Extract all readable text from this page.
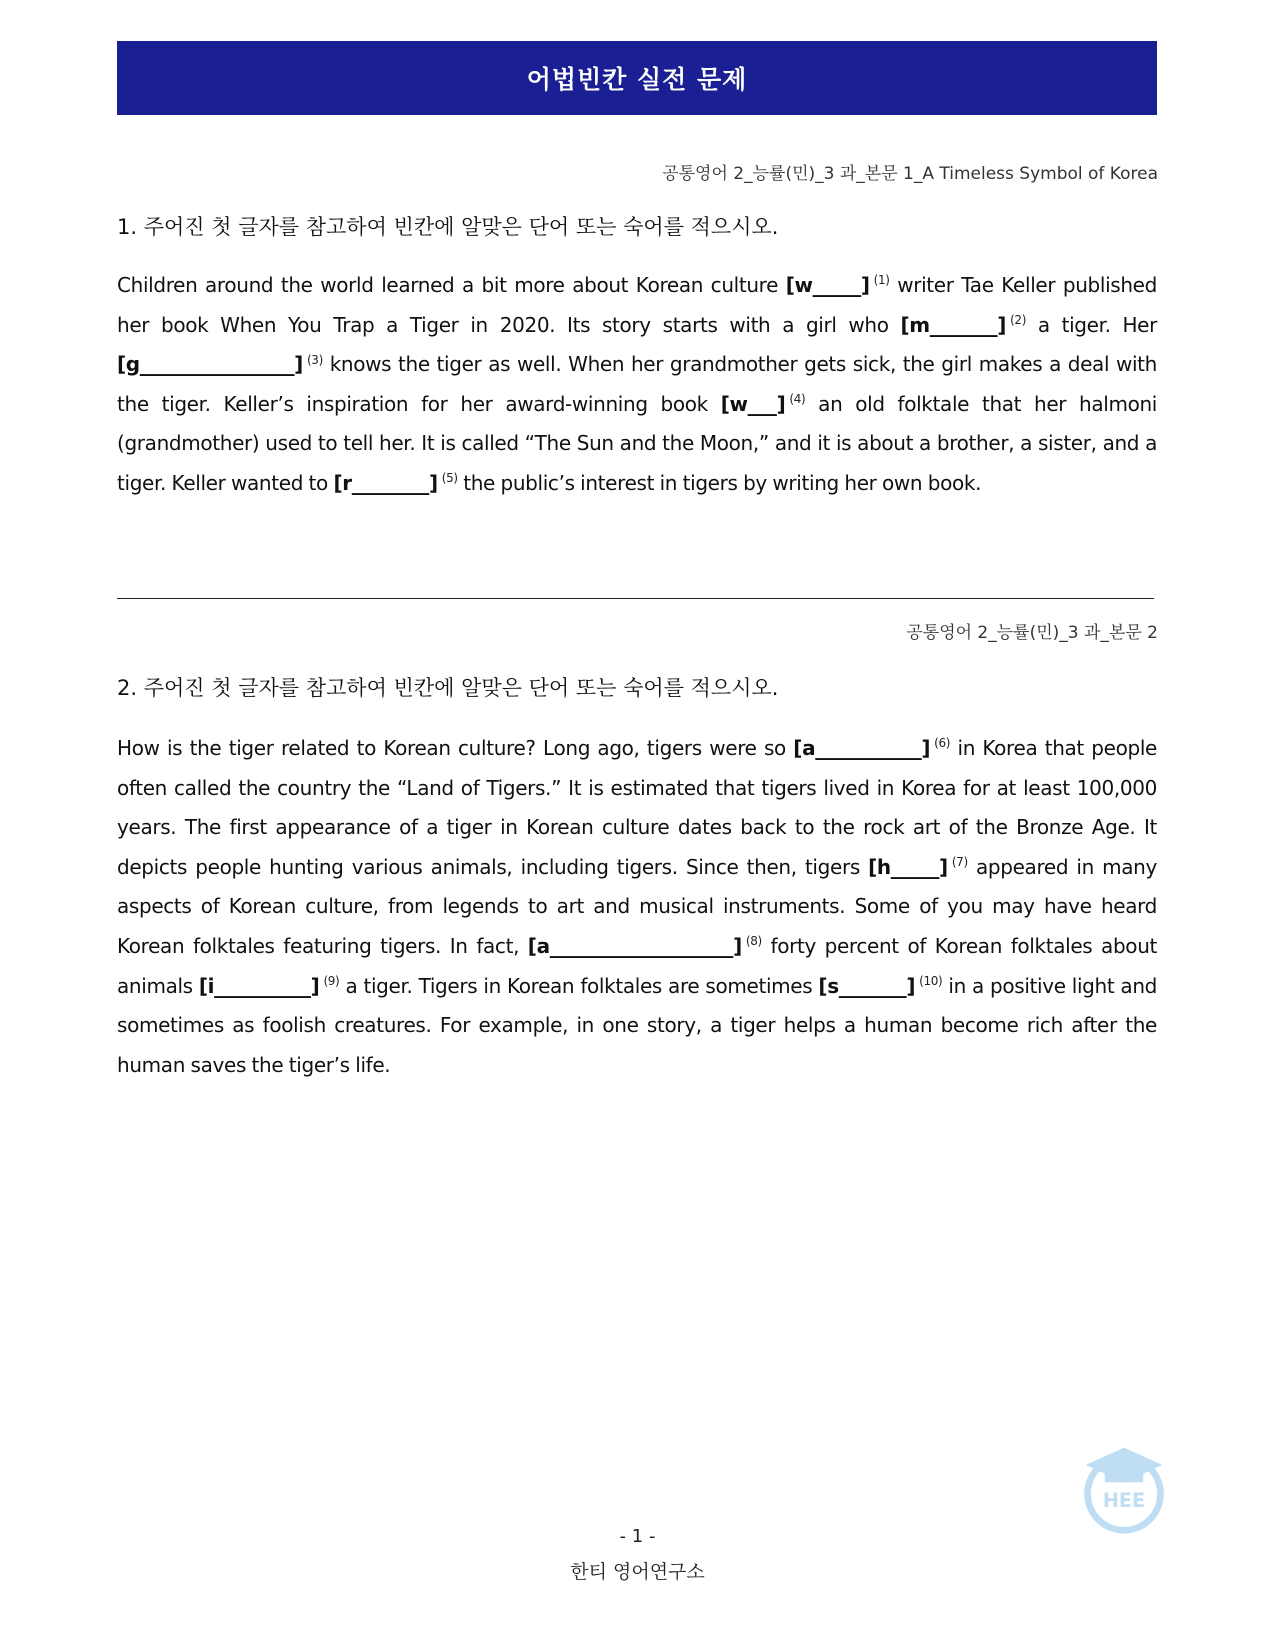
어법빈칸 실전 문제
공통영어 2_능률(민)_3 과_본문 1_A Timeless Symbol of Korea
1. 주어진 첫 글자를 참고하여 빈칸에 알맞은 단어 또는 숙어를 적으시오.
Children around the world learned a bit more about Korean culture [w_____] $^{(1)}$ writer Tae Keller published her book When You Trap a Tiger in 2020. Its story starts with a girl who [m_______] $^{(2)}$ a tiger. Her [g________________] $^{(3)}$ knows the tiger as well. When her grandmother gets sick, the girl makes a deal with the tiger. Keller’s inspiration for her award-winning book [w___] $^{(4)}$ an old folktale that her halmoni (grandmother) used to tell her. It is called “The Sun and the Moon,” and it is about a brother, a sister, and a tiger. Keller wanted to [r________] $^{(5)}$ the public’s interest in tigers by writing her own book.
공통영어 2_능률(민)_3 과_본문 2
2. 주어진 첫 글자를 참고하여 빈칸에 알맞은 단어 또는 숙어를 적으시오.
How is the tiger related to Korean culture? Long ago, tigers were so [a___________] $^{(6)}$ in Korea that people often called the country the “Land of Tigers.” It is estimated that tigers lived in Korea for at least 100,000 years. The first appearance of a tiger in Korean culture dates back to the rock art of the Bronze Age. It depicts people hunting various animals, including tigers. Since then, tigers [h_____] $^{(7)}$ appeared in many aspects of Korean culture, from legends to art and musical instruments. Some of you may have heard Korean folktales featuring tigers. In fact, [a___________________] $^{(8)}$ forty percent of Korean folktales about animals [i__________] $^{(9)}$ a tiger. Tigers in Korean folktales are sometimes [s_______] $^{(10)}$ in a positive light and sometimes as foolish creatures. For example, in one story, a tiger helps a human become rich after the human saves the tiger’s life.
HEE
- 1 -
한티 영어연구소
